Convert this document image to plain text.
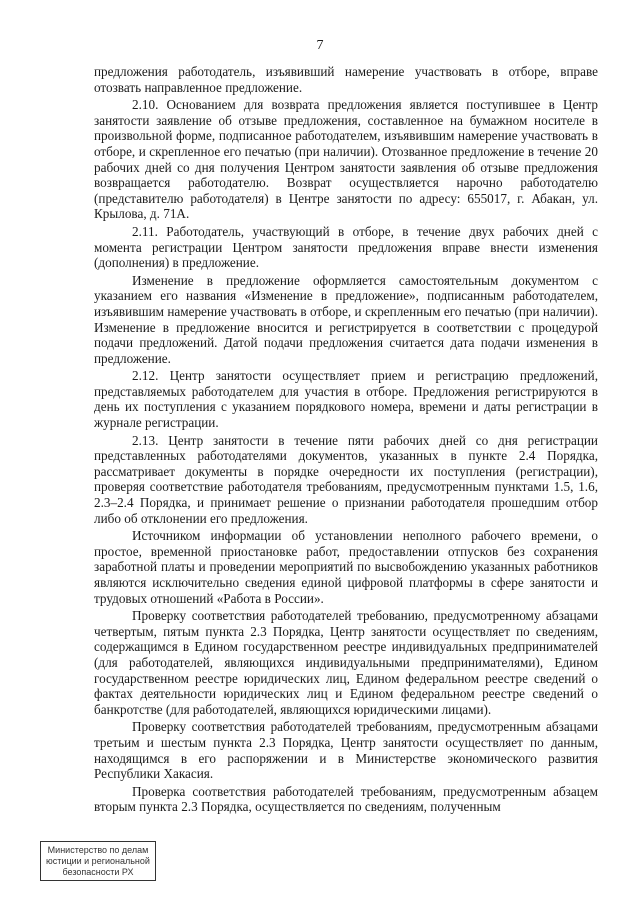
7

предложения работодатель, изъявивший намерение участвовать в отборе, вправе отозвать направленное предложение.

2.10. Основанием для возврата предложения является поступившее в Центр занятости заявление об отзыве предложения, составленное на бумажном носителе в произвольной форме, подписанное работодателем, изъявившим намерение участвовать в отборе, и скрепленное его печатью (при наличии). Отозванное предложение в течение 20 рабочих дней со дня получения Центром занятости заявления об отзыве предложения возвращается работодателю. Возврат осуществляется нарочно работодателю (представителю работодателя) в Центре занятости по адресу: 655017, г. Абакан, ул. Крылова, д. 71А.

2.11. Работодатель, участвующий в отборе, в течение двух рабочих дней с момента регистрации Центром занятости предложения вправе внести изменения (дополнения) в предложение.

Изменение в предложение оформляется самостоятельным документом с указанием его названия «Изменение в предложение», подписанным работодателем, изъявившим намерение участвовать в отборе, и скрепленным его печатью (при наличии). Изменение в предложение вносится и регистрируется в соответствии с процедурой подачи предложений. Датой подачи предложения считается дата подачи изменения в предложение.

2.12. Центр занятости осуществляет прием и регистрацию предложений, представляемых работодателем для участия в отборе. Предложения регистрируются в день их поступления с указанием порядкового номера, времени и даты регистрации в журнале регистрации.

2.13. Центр занятости в течение пяти рабочих дней со дня регистрации представленных работодателями документов, указанных в пункте 2.4 Порядка, рассматривает документы в порядке очередности их поступления (регистрации), проверяя соответствие работодателя требованиям, предусмотренным пунктами 1.5, 1.6, 2.3–2.4 Порядка, и принимает решение о признании работодателя прошедшим отбор либо об отклонении его предложения.

Источником информации об установлении неполного рабочего времени, о простое, временной приостановке работ, предоставлении отпусков без сохранения заработной платы и проведении мероприятий по высвобождению указанных работников являются исключительно сведения единой цифровой платформы в сфере занятости и трудовых отношений «Работа в России».

Проверку соответствия работодателей требованию, предусмотренному абзацами четвертым, пятым пункта 2.3 Порядка, Центр занятости осуществляет по сведениям, содержащимся в Едином государственном реестре индивидуальных предпринимателей (для работодателей, являющихся индивидуальными предпринимателями), Едином государственном реестре юридических лиц, Едином федеральном реестре сведений о фактах деятельности юридических лиц и Едином федеральном реестре сведений о банкротстве (для работодателей, являющихся юридическими лицами).

Проверку соответствия работодателей требованиям, предусмотренным абзацами третьим и шестым пункта 2.3 Порядка, Центр занятости осуществляет по данным, находящимся в его распоряжении и в Министерстве экономического развития Республики Хакасия.

Проверка соответствия работодателей требованиям, предусмотренным абзацем вторым пункта 2.3 Порядка, осуществляется по сведениям, полученным

Министерство по делам
юстиции и региональной
безопасности РХ
